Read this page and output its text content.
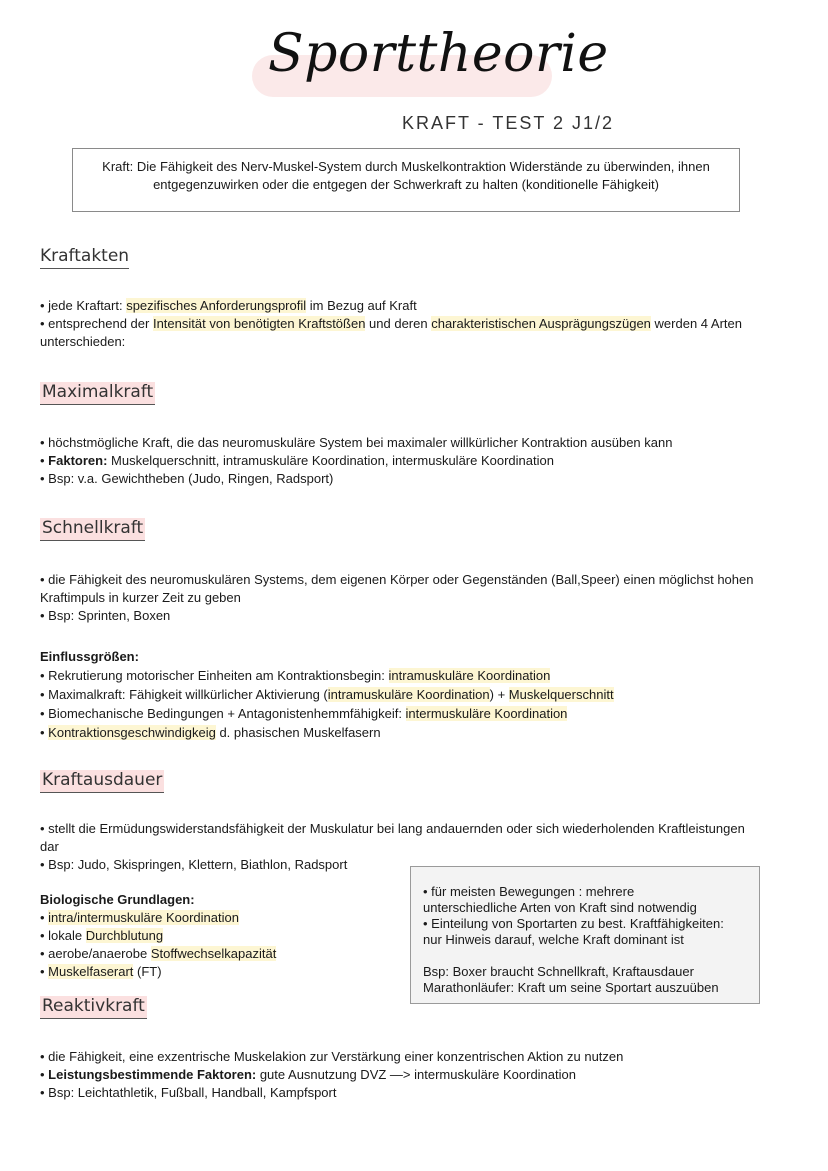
Sporttheorie
KRAFT - TEST 2 J1/2
Kraft: Die Fähigkeit des Nerv-Muskel-System durch Muskelkontraktion Widerstände zu überwinden, ihnen
entgegenzuwirken oder die entgegen der Schwerkraft zu halten (konditionelle Fähigkeit)
Kraftakten
• jede Kraftart: spezifisches Anforderungsprofil im Bezug auf Kraft
• entsprechend der Intensität von benötigten Kraftstößen und deren charakteristischen Ausprägungszügen werden 4 Arten
unterschieden:
Maximalkraft
• höchstmögliche Kraft, die das neuromuskuläre System bei maximaler willkürlicher Kontraktion ausüben kann
• Faktoren: Muskelquerschnitt, intramuskuläre Koordination, intermuskuläre Koordination
• Bsp: v.a. Gewichtheben (Judo, Ringen, Radsport)
Schnellkraft
• die Fähigkeit des neuromuskulären Systems, dem eigenen Körper oder Gegenständen (Ball,Speer) einen möglichst hohen
Kraftimpuls in kurzer Zeit zu geben
• Bsp: Sprinten, Boxen
Einflussgrößen:
• Rekrutierung motorischer Einheiten am Kontraktionsbegin: intramuskuläre Koordination
• Maximalkraft: Fähigkeit willkürlicher Aktivierung (intramuskuläre Koordination) + Muskelquerschnitt
• Biomechanische Bedingungen + Antagonistenhemmfähigkeif: intermuskuläre Koordination
• Kontraktionsgeschwindigkeig d. phasischen Muskelfasern
Kraftausdauer
• stellt die Ermüdungswiderstandsfähigkeit der Muskulatur bei lang andauernden oder sich wiederholenden Kraftleistungen
dar
• Bsp: Judo, Skispringen, Klettern, Biathlon, Radsport
Biologische Grundlagen:
• intra/intermuskuläre Koordination
• lokale Durchblutung
• aerobe/anaerobe Stoffwechselkapazität
• Muskelfaserart (FT)

• für meisten Bewegungen : mehrere

unterschiedliche Arten von Kraft sind notwendig

• Einteilung von Sportarten zu best. Kraftfähigkeiten:

nur Hinweis darauf, welche Kraft dominant ist

Bsp: Boxer braucht Schnellkraft, Kraftausdauer

Marathonläufer: Kraft um seine Sportart auszuüben

Reaktivkraft
• die Fähigkeit, eine exzentrische Muskelakion zur Verstärkung einer konzentrischen Aktion zu nutzen
• Leistungsbestimmende Faktoren: gute Ausnutzung DVZ —> intermuskuläre Koordination
• Bsp: Leichtathletik, Fußball, Handball, Kampfsport
